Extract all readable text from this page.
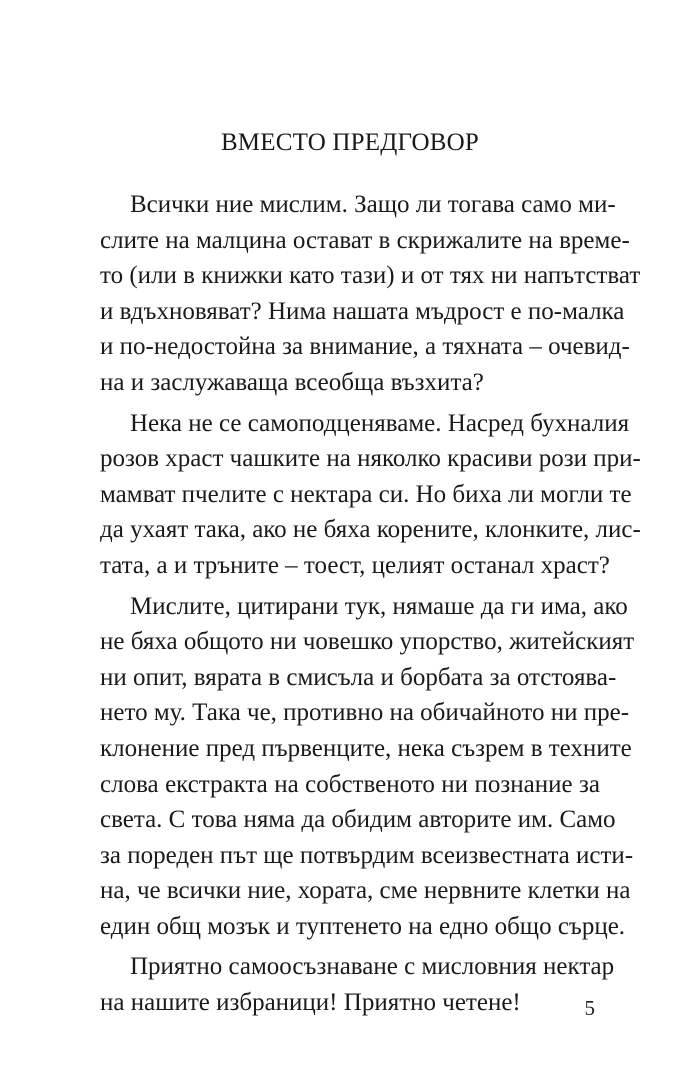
ВМЕСТО ПРЕДГОВОР

Всички ние мислим. Защо ли тогава само ми-
слите на малцина остават в скрижалите на време-
то (или в книжки като тази) и от тях ни напътстват
и вдъхновяват? Нима нашата мъдрост е по-малка
и по-недостойна за внимание, а тяхната – очевид-
на и заслужаваща всеобща възхита?

Нека не се самоподценяваме. Насред бухналия
розов храст чашките на няколко красиви рози при-
мамват пчелите с нектара си. Но биха ли могли те
да ухаят така, ако не бяха корените, клонките, лис-
тата, а и тръните – тоест, целият останал храст?

Мислите, цитирани тук, нямаше да ги има, ако
не бяха общото ни човешко упорство, житейският
ни опит, вярата в смисъла и борбата за отстоява-
нето му. Така че, противно на обичайното ни пре-
клонение пред първенците, нека съзрем в техните
слова екстракта на собственото ни познание за
света. С това няма да обидим авторите им. Само
за пореден път ще потвърдим всеизвестната исти-
на, че всички ние, хората, сме нервните клетки на
един общ мозък и туптенето на едно общо сърце.

Приятно самоосъзнаване с мисловния нектар
на нашите избраници! Приятно четене!	5
